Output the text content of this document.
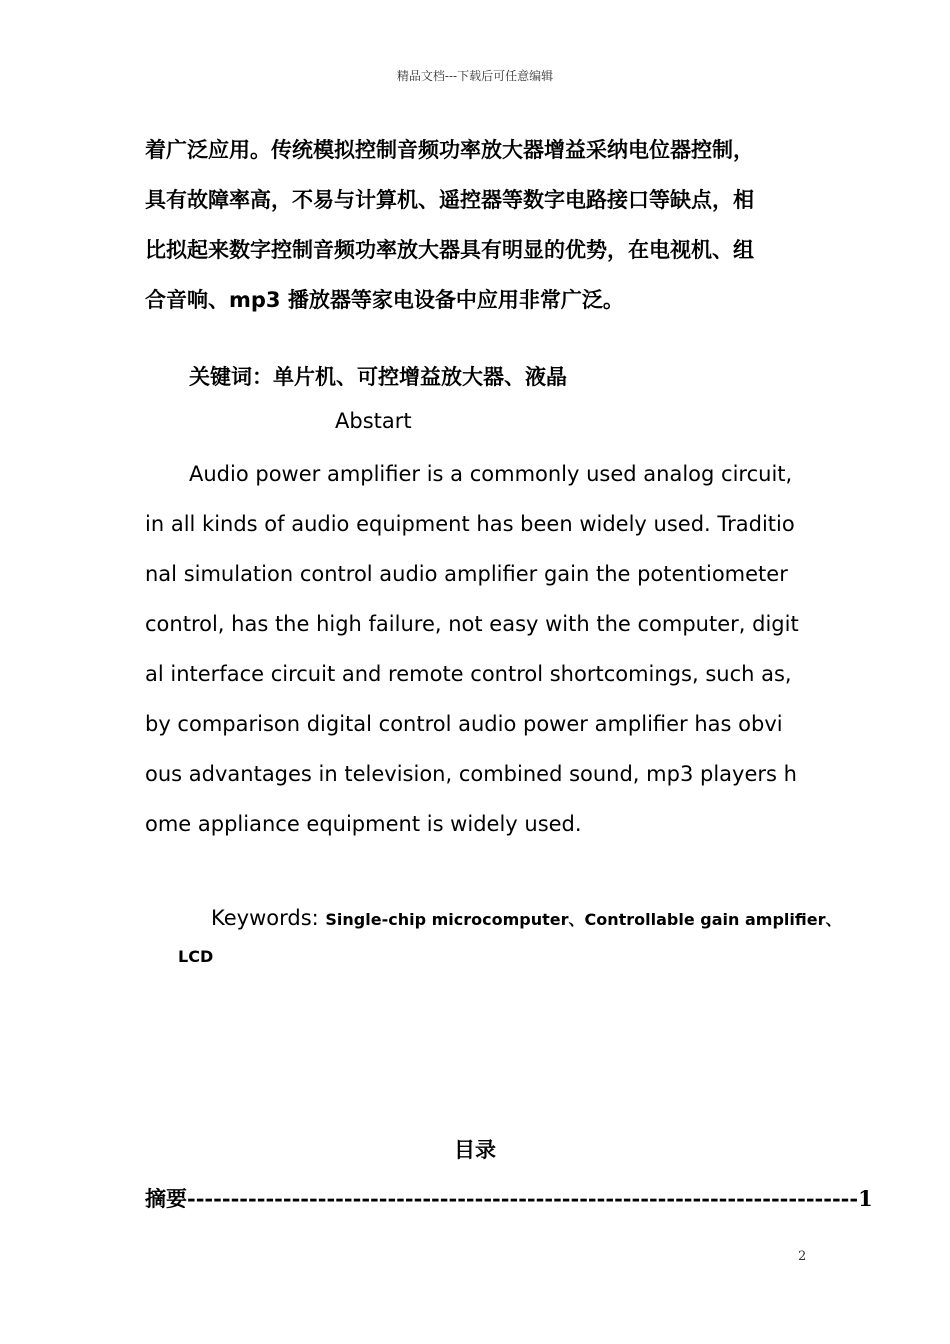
精品文档---下载后可任意编辑
着广泛应用。传统模拟控制音频功率放大器增益采纳电位器控制，
具有故障率高，不易与计算机、遥控器等数字电路接口等缺点，相
比拟起来数字控制音频功率放大器具有明显的优势，在电视机、组
合音响、mp3 播放器等家电设备中应用非常广泛。
关键词：单片机、可控增益放大器、液晶
Abstart
Audio power amplifier is a commonly used analog circuit,
in all kinds of audio equipment has been widely used. Traditio
nal simulation control audio amplifier gain the potentiometer
control, has the high failure, not easy with the computer, digit
al interface circuit and remote control shortcomings, such as,
by comparison digital control audio power amplifier has obvi
ous advantages in television, combined sound, mp3 players h
ome appliance equipment is widely used.
Keywords: Single-chip microcomputer、Controllable gain amplifier、
LCD
目录
摘要-----------------------------------------------------------------------------1
2
